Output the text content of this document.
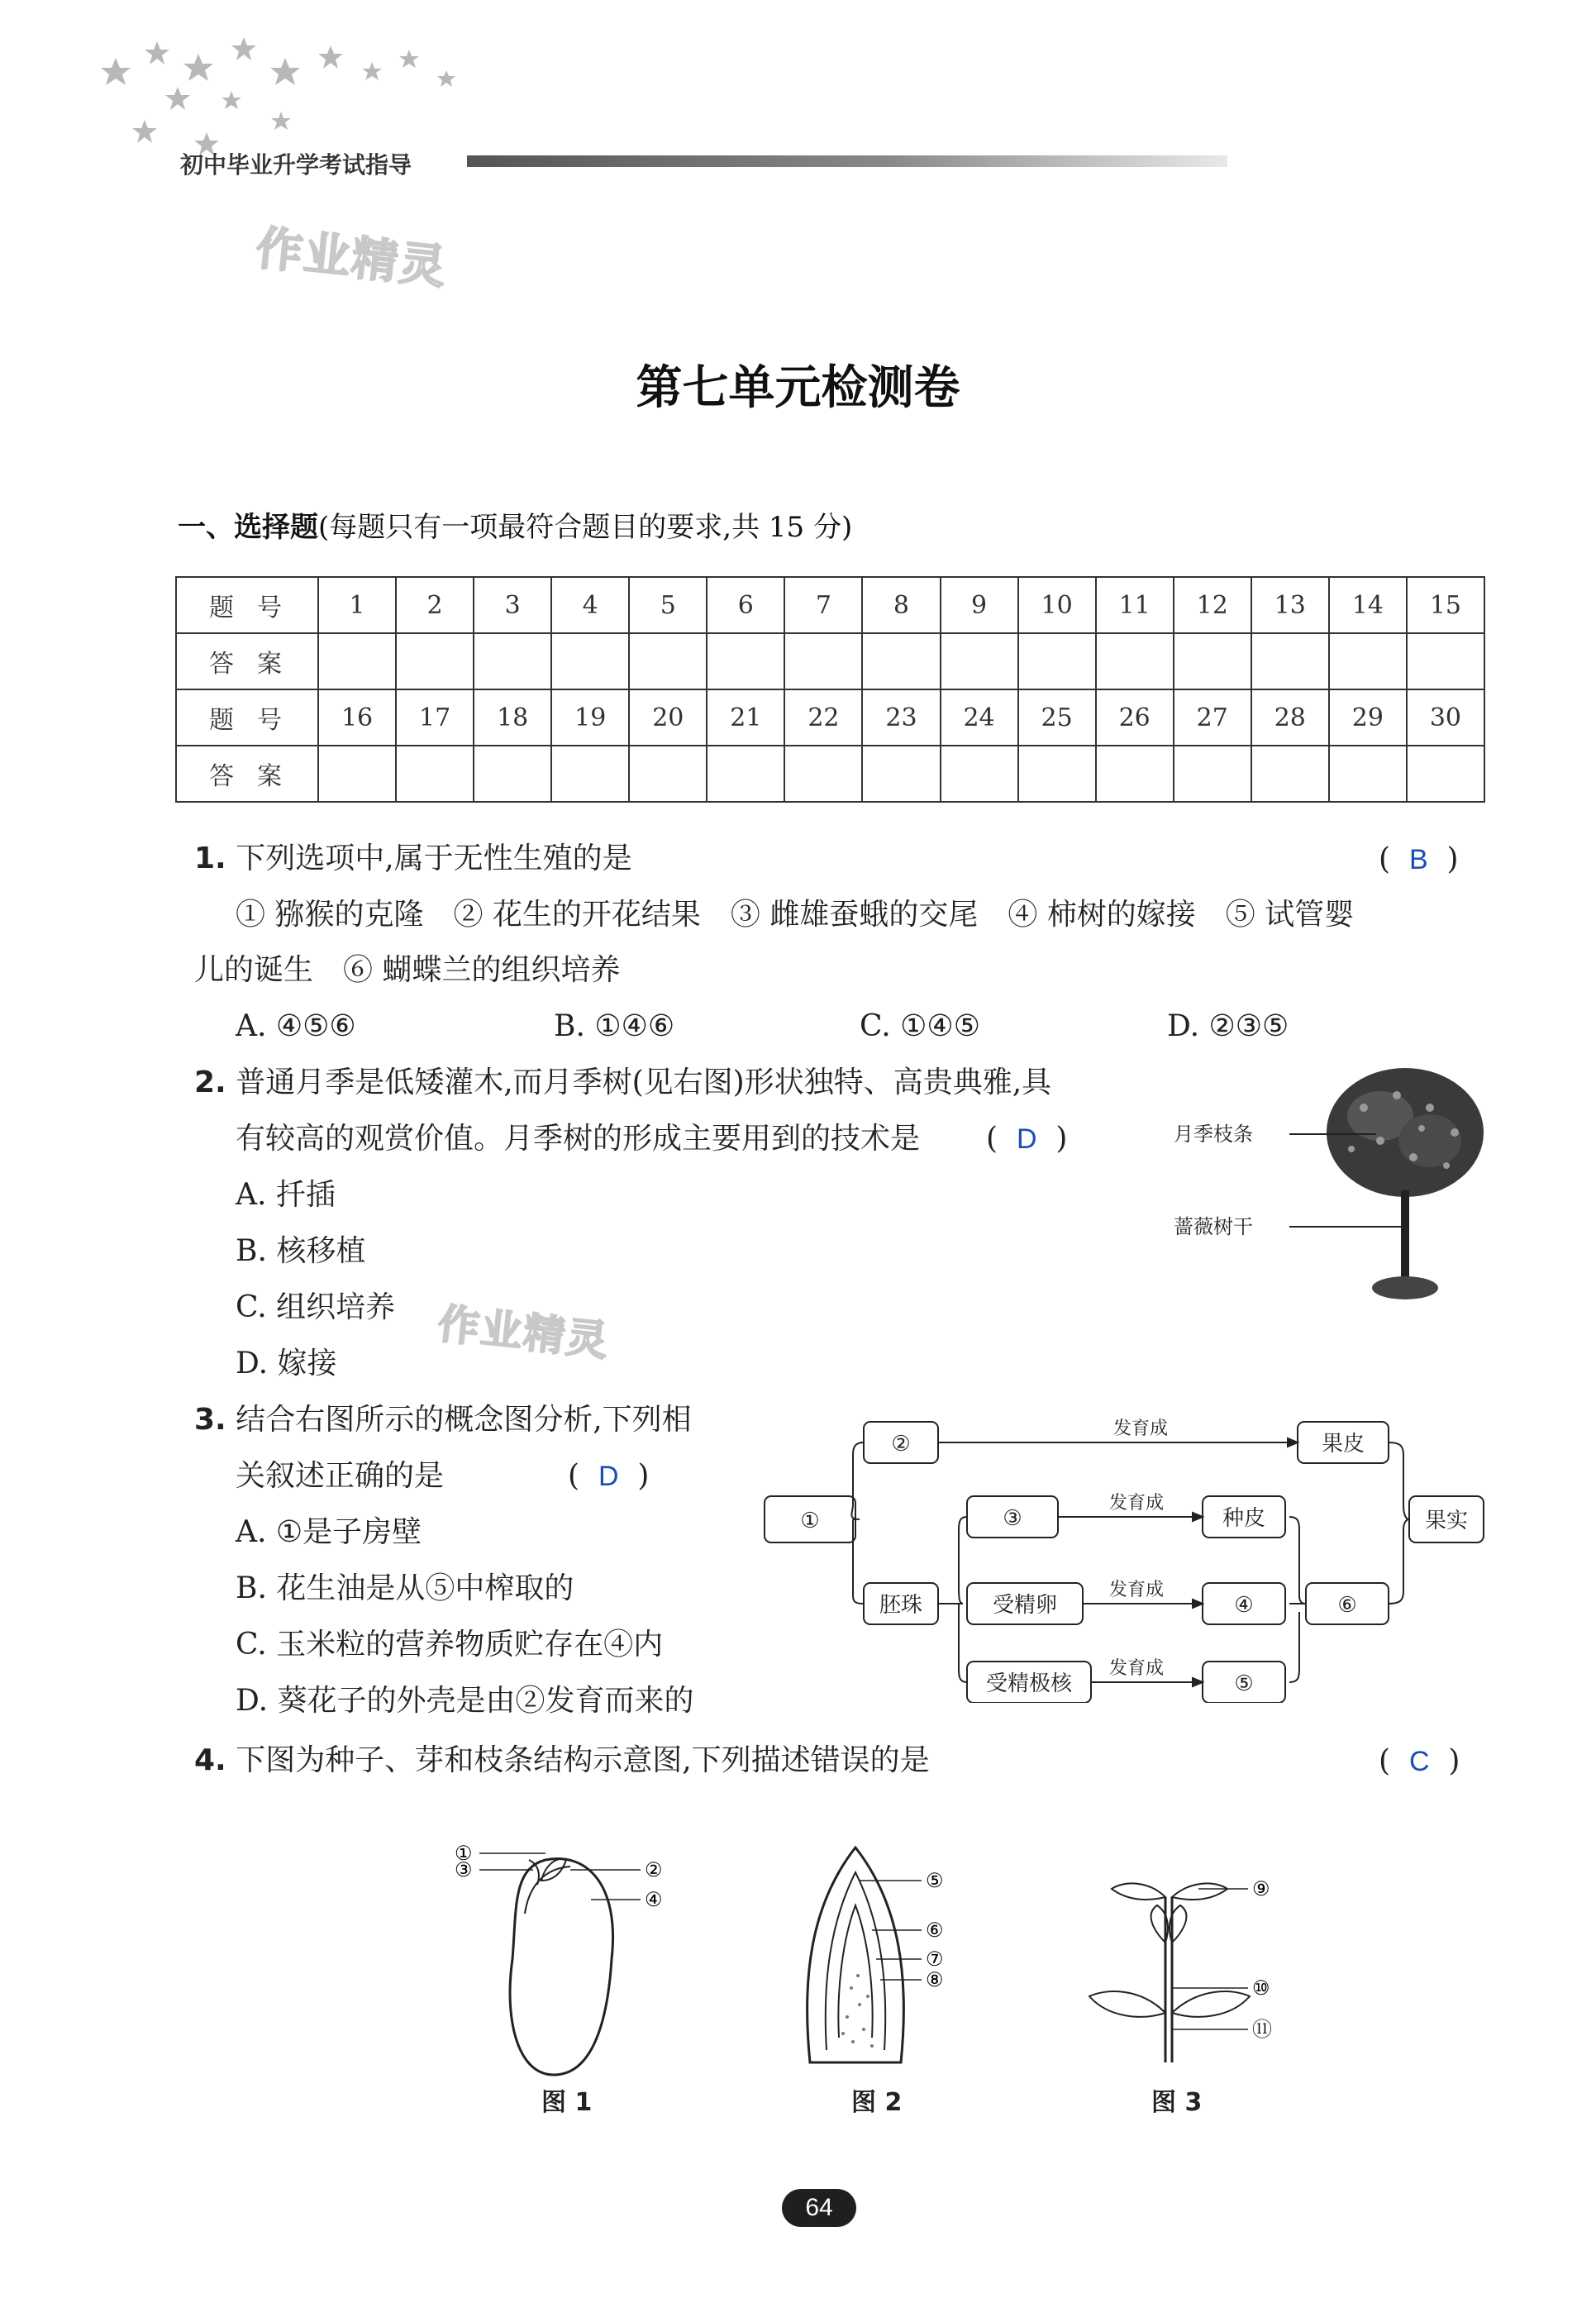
初中毕业升学考试指导
作业精灵
第七单元检测卷
一、选择题(每题只有一项最符合题目的要求,共 15 分)
题号	1	2	3	4	5	6	7	8	9	10	11	12	13	14	15
答案															
题号	16	17	18	19	20	21	22	23	24	25	26	27	28	29	30
答案															
1. 下列选项中,属于无性生殖的是	(  B  )
① 猕猴的克隆　② 花生的开花结果　③ 雌雄蚕蛾的交尾　④ 柿树的嫁接　⑤ 试管婴
儿的诞生　⑥ 蝴蝶兰的组织培养
A. ④⑤⑥	B. ①④⑥	C. ①④⑤	D. ②③⑤
2. 普通月季是低矮灌木,而月季树(见右图)形状独特、高贵典雅,具
有较高的观赏价值。月季树的形成主要用到的技术是 (  D  )
A. 扦插
B. 核移植
C. 组织培养
D. 嫁接 作业精灵
月季枝条
蔷薇树干
3. 结合右图所示的概念图分析,下列相
关叙述正确的是	(  D  )
A. ①是子房壁
B. 花生油是从⑤中榨取的
C. 玉米粒的营养物质贮存在④内
D. 葵花子的外壳是由②发育而来的
①
②
胚珠
③
受精卵
受精极核
果皮
种皮
④
⑤
⑥
果实
发育成
发育成
发育成
发育成
4. 下图为种子、芽和枝条结构示意图,下列描述错误的是	(  C  )
①
③	②
④
图 1
⑤
⑥
⑦
⑧
图 2
⑨
⑩
⑪
图 3
64
